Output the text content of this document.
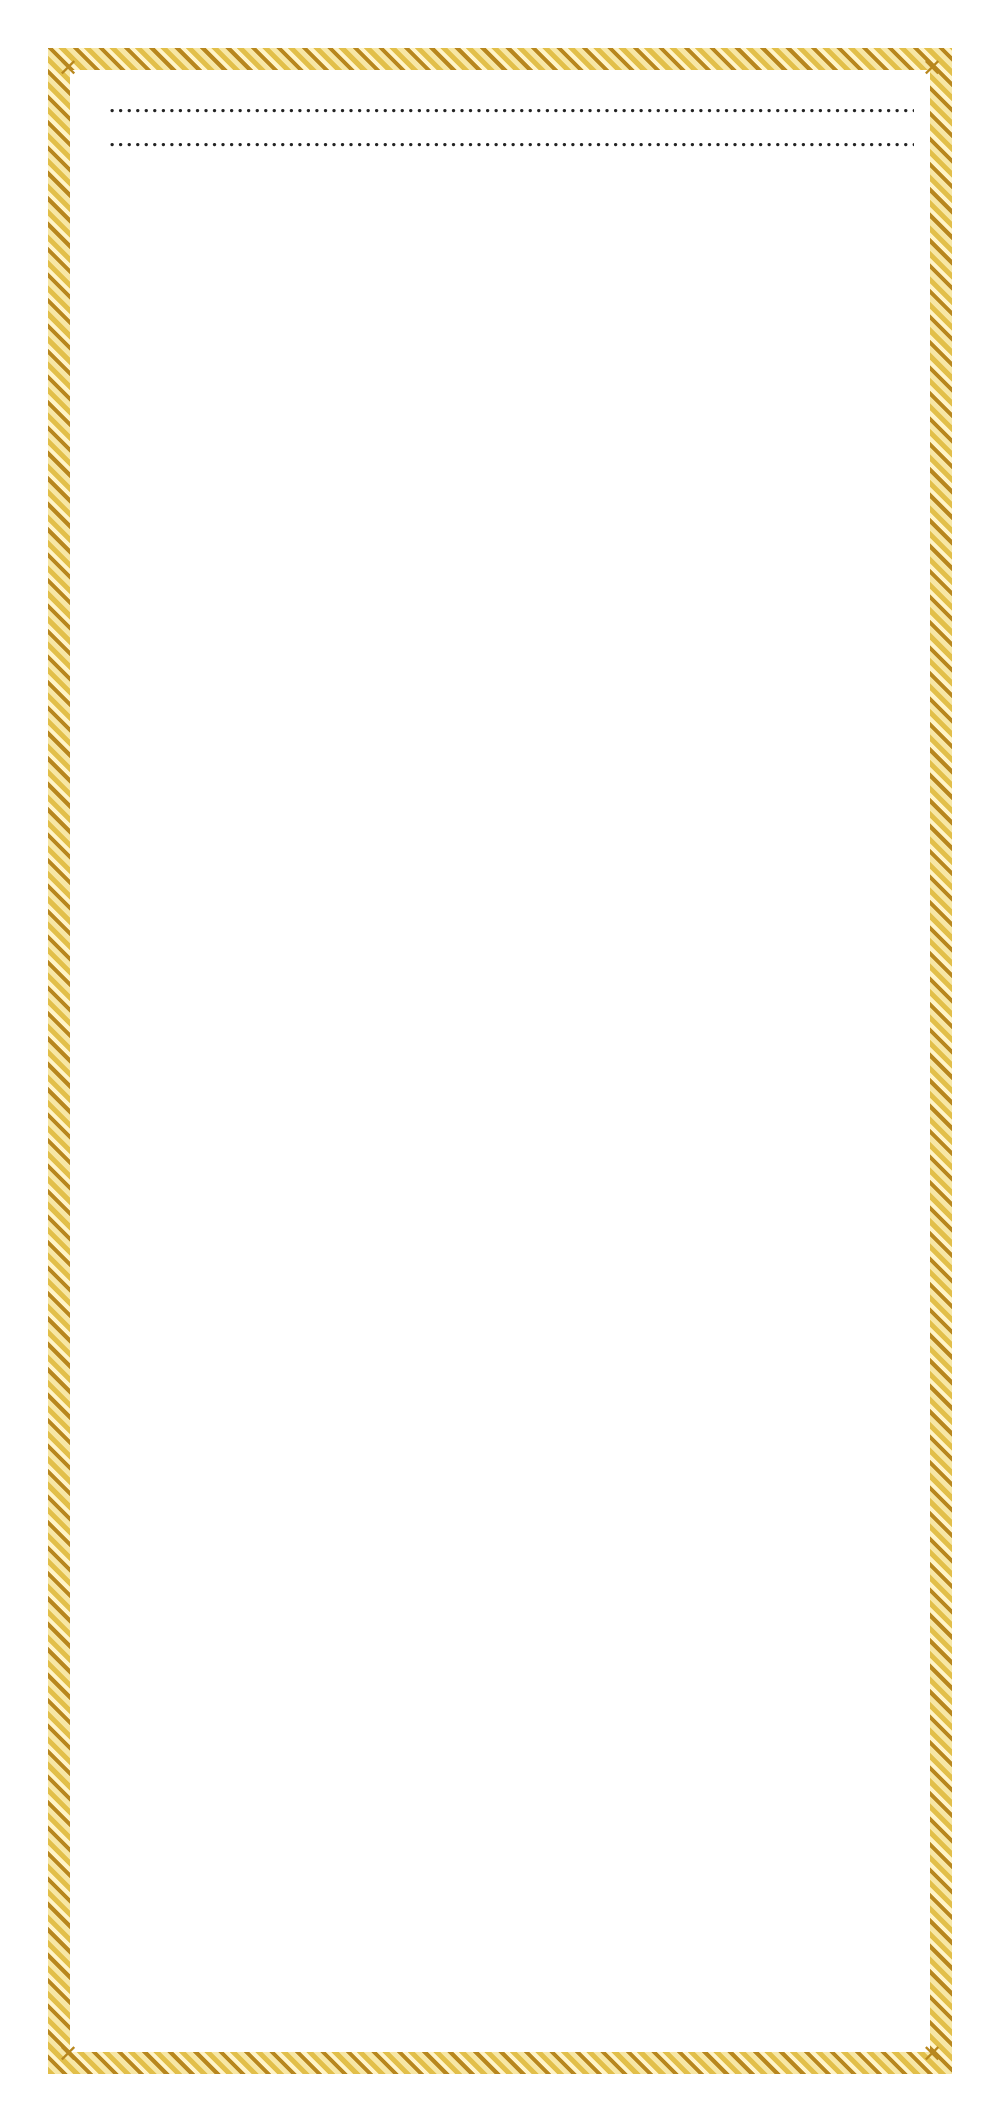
✕	✕
✕	✕
. . .
. . .
